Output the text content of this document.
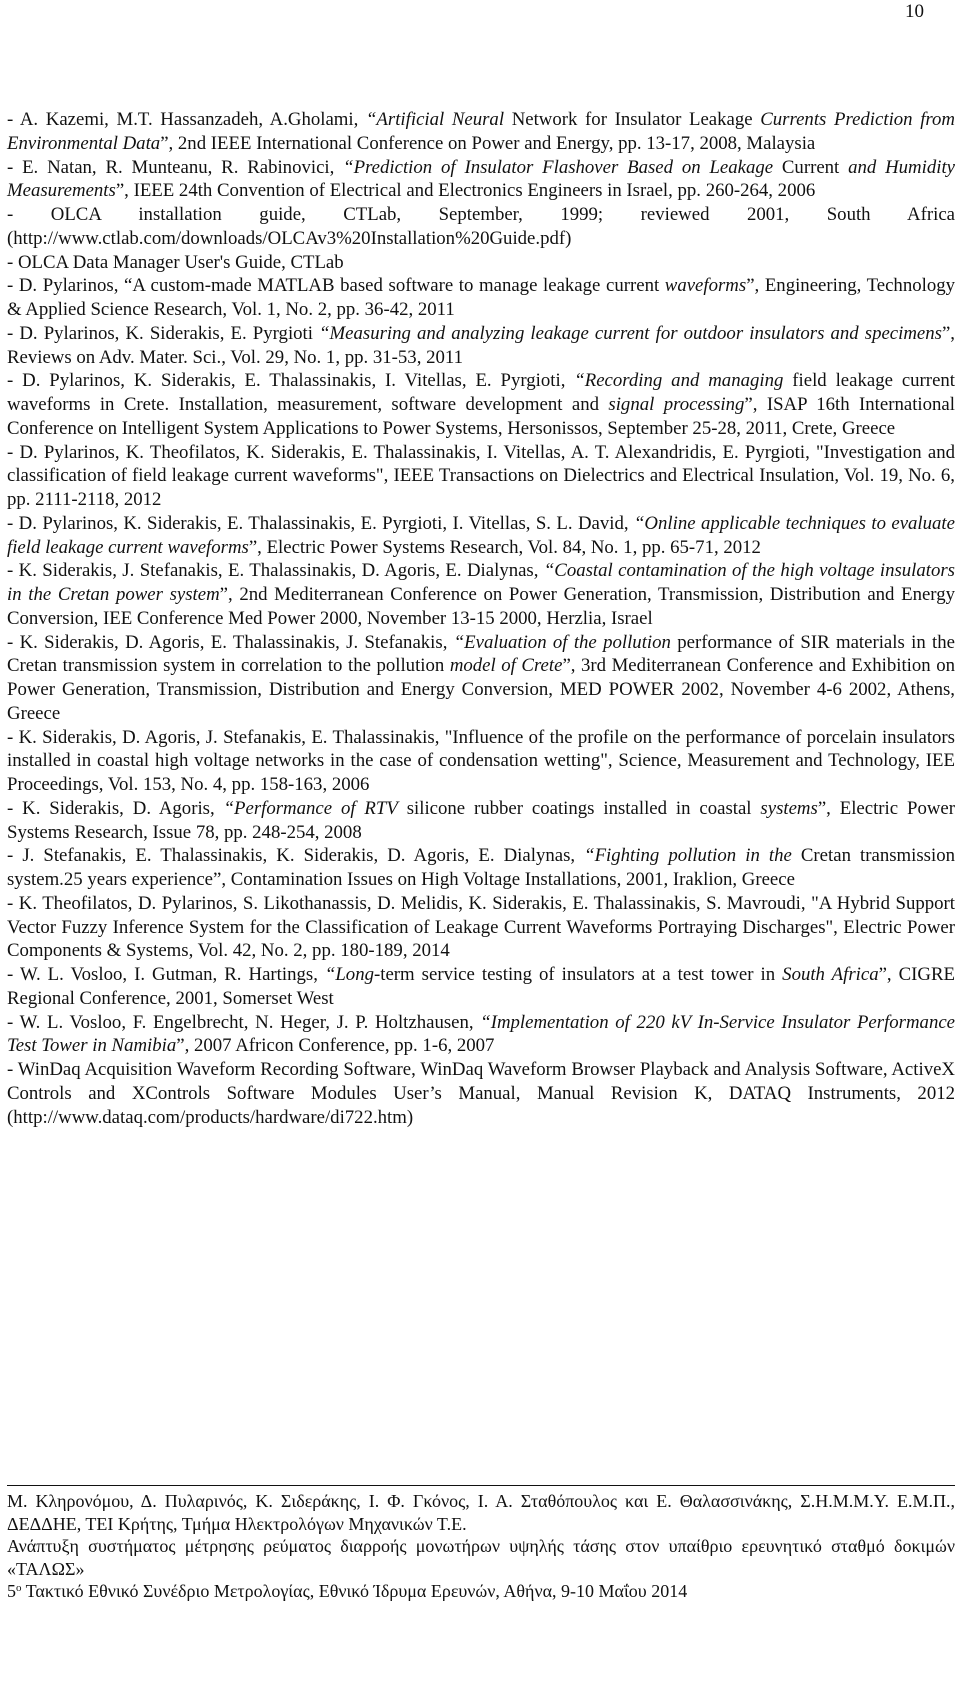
10

- A. Kazemi, M.T. Hassanzadeh, A.Gholami, “Artificial Neural Network for Insulator Leakage Currents Prediction from Environmental Data”, 2nd IEEE International Conference on Power and Energy, pp. 13-17, 2008, Malaysia

- E. Natan, R. Munteanu, R. Rabinovici, “Prediction of Insulator Flashover Based on Leakage Current and Humidity Measurements”, IEEE 24th Convention of Electrical and Electronics Engineers in Israel, pp. 260-264, 2006

- OLCA installation guide, CTLab, September, 1999; reviewed 2001, South Africa (http://www.ctlab.com/downloads/OLCAv3%20Installation%20Guide.pdf)

- OLCA Data Manager User's Guide, CTLab

- D. Pylarinos, “A custom-made MATLAB based software to manage leakage current waveforms”, Engineering, Technology & Applied Science Research, Vol. 1, No. 2, pp. 36-42, 2011

- D. Pylarinos, K. Siderakis, E. Pyrgioti “Measuring and analyzing leakage current for outdoor insulators and specimens”, Reviews on Adv. Mater. Sci., Vol. 29, No. 1, pp. 31-53, 2011

- D. Pylarinos, K. Siderakis, E. Thalassinakis, I. Vitellas, E. Pyrgioti, “Recording and managing field leakage current waveforms in Crete. Installation, measurement, software development and signal processing”, ISAP 16th International Conference on Intelligent System Applications to Power Systems, Hersonissos, September 25-28, 2011, Crete, Greece

- D. Pylarinos, K. Theofilatos, K. Siderakis, E. Thalassinakis, I. Vitellas, A. T. Alexandridis, E. Pyrgioti, "Investigation and classification of field leakage current waveforms", IEEE Transactions on Dielectrics and Electrical Insulation, Vol. 19, No. 6, pp. 2111-2118, 2012

- D. Pylarinos, K. Siderakis, E. Thalassinakis, E. Pyrgioti, I. Vitellas, S. L. David, “Online applicable techniques to evaluate field leakage current waveforms”, Electric Power Systems Research, Vol. 84, No. 1, pp. 65-71, 2012

- K. Siderakis, J. Stefanakis, E. Thalassinakis, D. Agoris, E. Dialynas, “Coastal contamination of the high voltage insulators in the Cretan power system”, 2nd Mediterranean Conference on Power Generation, Transmission, Distribution and Energy Conversion, IEE Conference Med Power 2000, November 13-15 2000, Herzlia, Israel

- K. Siderakis, D. Agoris, E. Thalassinakis, J. Stefanakis, “Evaluation of the pollution performance of SIR materials in the Cretan transmission system in correlation to the pollution model of Crete”, 3rd Mediterranean Conference and Exhibition on Power Generation, Transmission, Distribution and Energy Conversion, MED POWER 2002, November 4-6 2002, Athens, Greece

- K. Siderakis, D. Agoris, J. Stefanakis, E. Thalassinakis, "Influence of the profile on the performance of porcelain insulators installed in coastal high voltage networks in the case of condensation wetting", Science, Measurement and Technology, IEE Proceedings, Vol. 153, No. 4, pp. 158-163, 2006

- K. Siderakis, D. Agoris, “Performance of RTV silicone rubber coatings installed in coastal systems”, Electric Power Systems Research, Issue 78, pp. 248-254, 2008

- J. Stefanakis, E. Thalassinakis, K. Siderakis, D. Agoris, E. Dialynas, “Fighting pollution in the Cretan transmission system.25 years experience”, Contamination Issues on High Voltage Installations, 2001, Iraklion, Greece

- K. Theofilatos, D. Pylarinos, S. Likothanassis, D. Melidis, K. Siderakis, E. Thalassinakis, S. Mavroudi, "A Hybrid Support Vector Fuzzy Inference System for the Classification of Leakage Current Waveforms Portraying Discharges", Electric Power Components & Systems, Vol. 42, No. 2, pp. 180-189, 2014

- W. L. Vosloo, I. Gutman, R. Hartings, “Long-term service testing of insulators at a test tower in South Africa”, CIGRE Regional Conference, 2001, Somerset West

- W. L. Vosloo, F. Engelbrecht, N. Heger, J. P. Holtzhausen, “Implementation of 220 kV In-Service Insulator Performance Test Tower in Namibia”, 2007 Africon Conference, pp. 1-6, 2007

- WinDaq Acquisition Waveform Recording Software, WinDaq Waveform Browser Playback and Analysis Software, ActiveX Controls and XControls Software Modules User’s Manual, Manual Revision K, DATAQ Instruments, 2012 (http://www.dataq.com/products/hardware/di722.htm)

Μ. Κληρονόμου, Δ. Πυλαρινός, Κ. Σιδεράκης, Ι. Φ. Γκόνος, Ι. Α. Σταθόπουλος και Ε. Θαλασσινάκης, Σ.Η.Μ.Μ.Υ. Ε.Μ.Π., ΔΕΔΔΗΕ, ΤΕΙ Κρήτης, Τμήμα Ηλεκτρολόγων Μηχανικών Τ.Ε.

Ανάπτυξη συστήματος μέτρησης ρεύματος διαρροής μονωτήρων υψηλής τάσης στον υπαίθριο ερευνητικό σταθμό δοκιμών «ΤΑΛΩΣ»

$5^o$ Τακτικό Εθνικό Συνέδριο Μετρολογίας, Εθνικό Ίδρυμα Ερευνών, Αθήνα, 9-10 Μαΐου 2014
